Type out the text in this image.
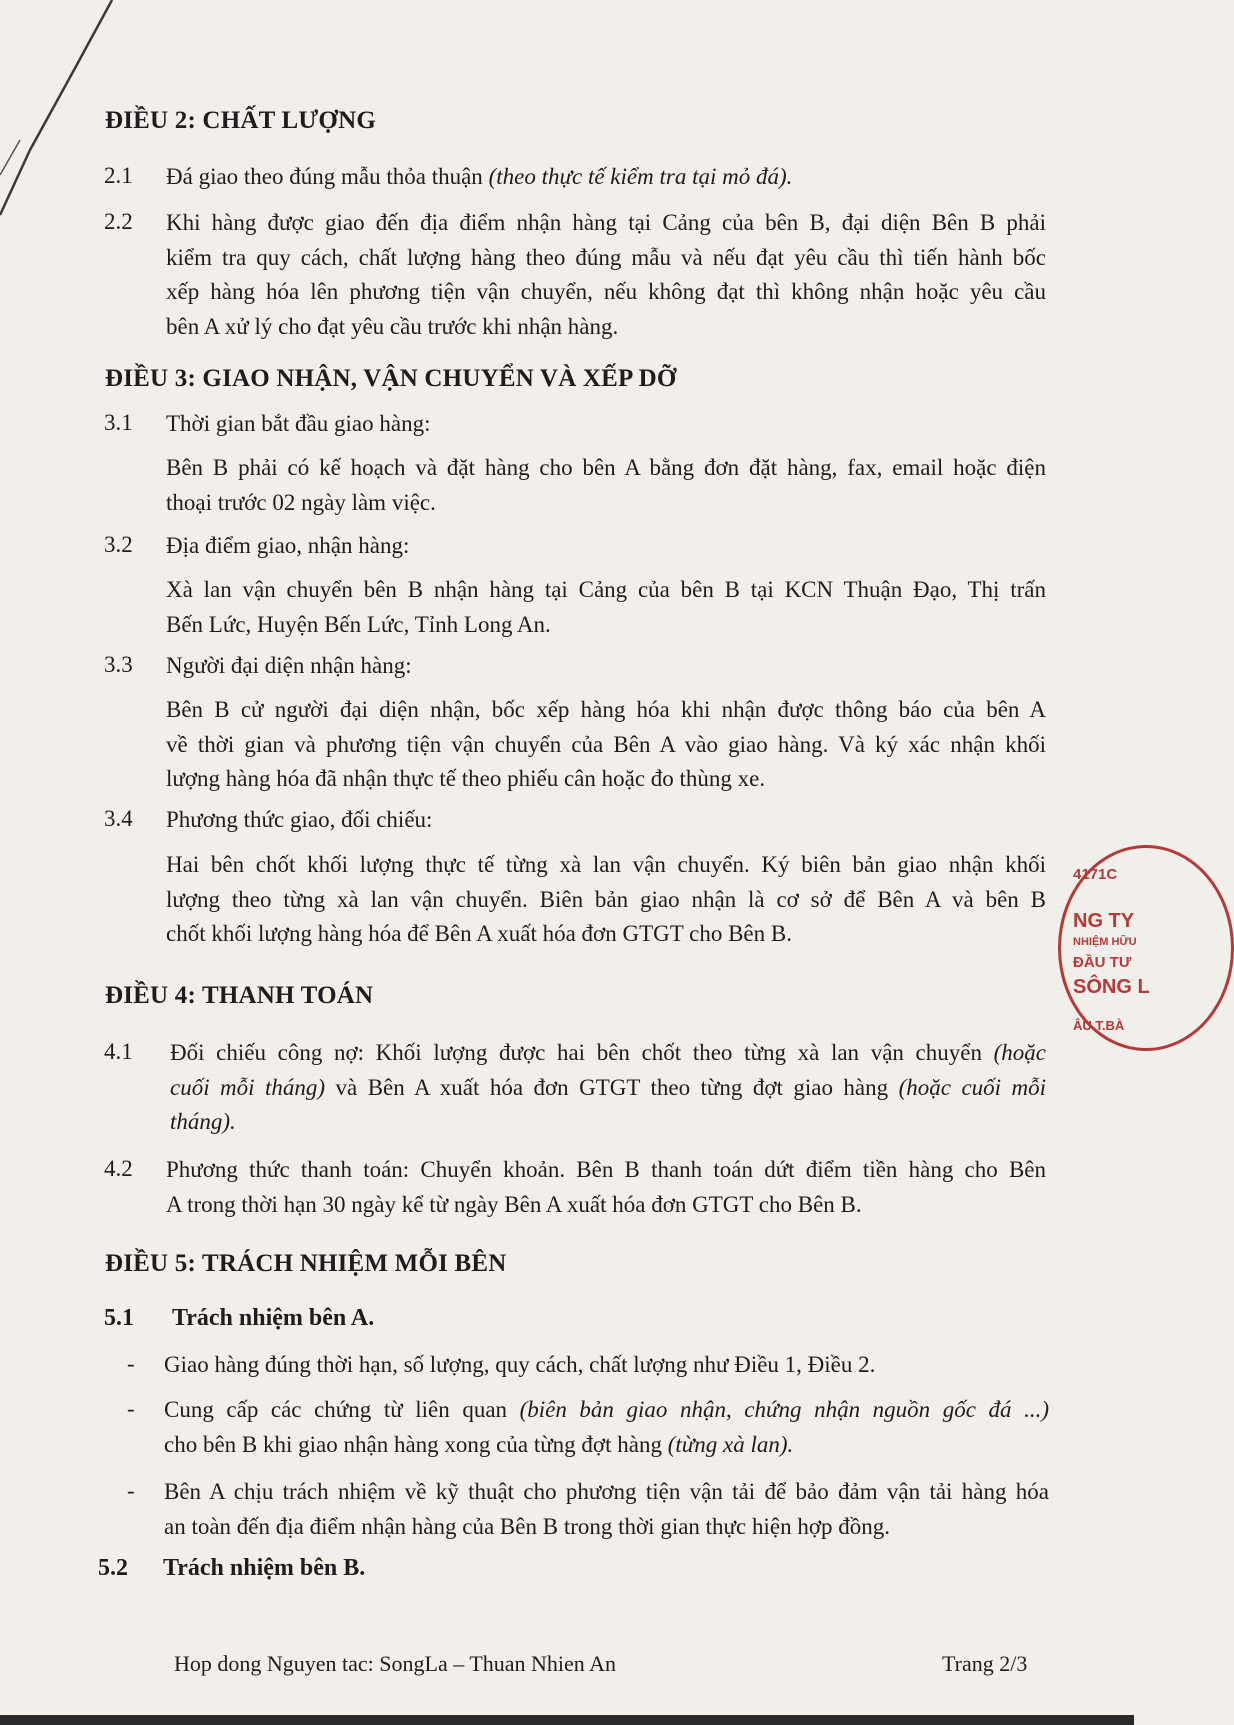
ĐIỀU 2: CHẤT LƯỢNG
2.1 Đá giao theo đúng mẫu thỏa thuận (theo thực tế kiểm tra tại mỏ đá).
2.2 Khi hàng được giao đến địa điểm nhận hàng tại Cảng của bên B, đại diện Bên B phải
kiểm tra quy cách, chất lượng hàng theo đúng mẫu và nếu đạt yêu cầu thì tiến hành bốc
xếp hàng hóa lên phương tiện vận chuyển, nếu không đạt thì không nhận hoặc yêu cầu
bên A xử lý cho đạt yêu cầu trước khi nhận hàng.
ĐIỀU 3: GIAO NHẬN, VẬN CHUYỂN VÀ XẾP DỠ
3.1 Thời gian bắt đầu giao hàng:
Bên B phải có kế hoạch và đặt hàng cho bên A bằng đơn đặt hàng, fax, email hoặc điện
thoại trước 02 ngày làm việc.
3.2 Địa điểm giao, nhận hàng:
Xà lan vận chuyển bên B nhận hàng tại Cảng của bên B tại KCN Thuận Đạo, Thị trấn
Bến Lức, Huyện Bến Lức, Tỉnh Long An.
3.3 Người đại diện nhận hàng:
Bên B cử người đại diện nhận, bốc xếp hàng hóa khi nhận được thông báo của bên A
về thời gian và phương tiện vận chuyển của Bên A vào giao hàng. Và ký xác nhận khối
lượng hàng hóa đã nhận thực tế theo phiếu cân hoặc đo thùng xe.
3.4 Phương thức giao, đối chiếu:
Hai bên chốt khối lượng thực tế từng xà lan vận chuyển. Ký biên bản giao nhận khối
lượng theo từng xà lan vận chuyển. Biên bản giao nhận là cơ sở để Bên A và bên B
chốt khối lượng hàng hóa để Bên A xuất hóa đơn GTGT cho Bên B.
ĐIỀU 4: THANH TOÁN
4.1 Đối chiếu công nợ: Khối lượng được hai bên chốt theo từng xà lan vận chuyển (hoặc
cuối mỗi tháng) và Bên A xuất hóa đơn GTGT theo từng đợt giao hàng (hoặc cuối mỗi
tháng).
4.2 Phương thức thanh toán: Chuyển khoản. Bên B thanh toán dứt điểm tiền hàng cho Bên
A trong thời hạn 30 ngày kể từ ngày Bên A xuất hóa đơn GTGT cho Bên B.
ĐIỀU 5: TRÁCH NHIỆM MỖI BÊN
5.1 Trách nhiệm bên A.
- Giao hàng đúng thời hạn, số lượng, quy cách, chất lượng như Điều 1, Điều 2.
- Cung cấp các chứng từ liên quan (biên bản giao nhận, chứng nhận nguồn gốc đá ...)
cho bên B khi giao nhận hàng xong của từng đợt hàng (từng xà lan).
- Bên A chịu trách nhiệm về kỹ thuật cho phương tiện vận tải để bảo đảm vận tải hàng hóa
an toàn đến địa điểm nhận hàng của Bên B trong thời gian thực hiện hợp đồng.
5.2 Trách nhiệm bên B.
4171C
NG TY
NHIỆM HỮU
ĐẦU TƯ
SÔNG L
ÂU T.BÀ
Hop dong Nguyen tac: SongLa – Thuan Nhien An	Trang 2/3
